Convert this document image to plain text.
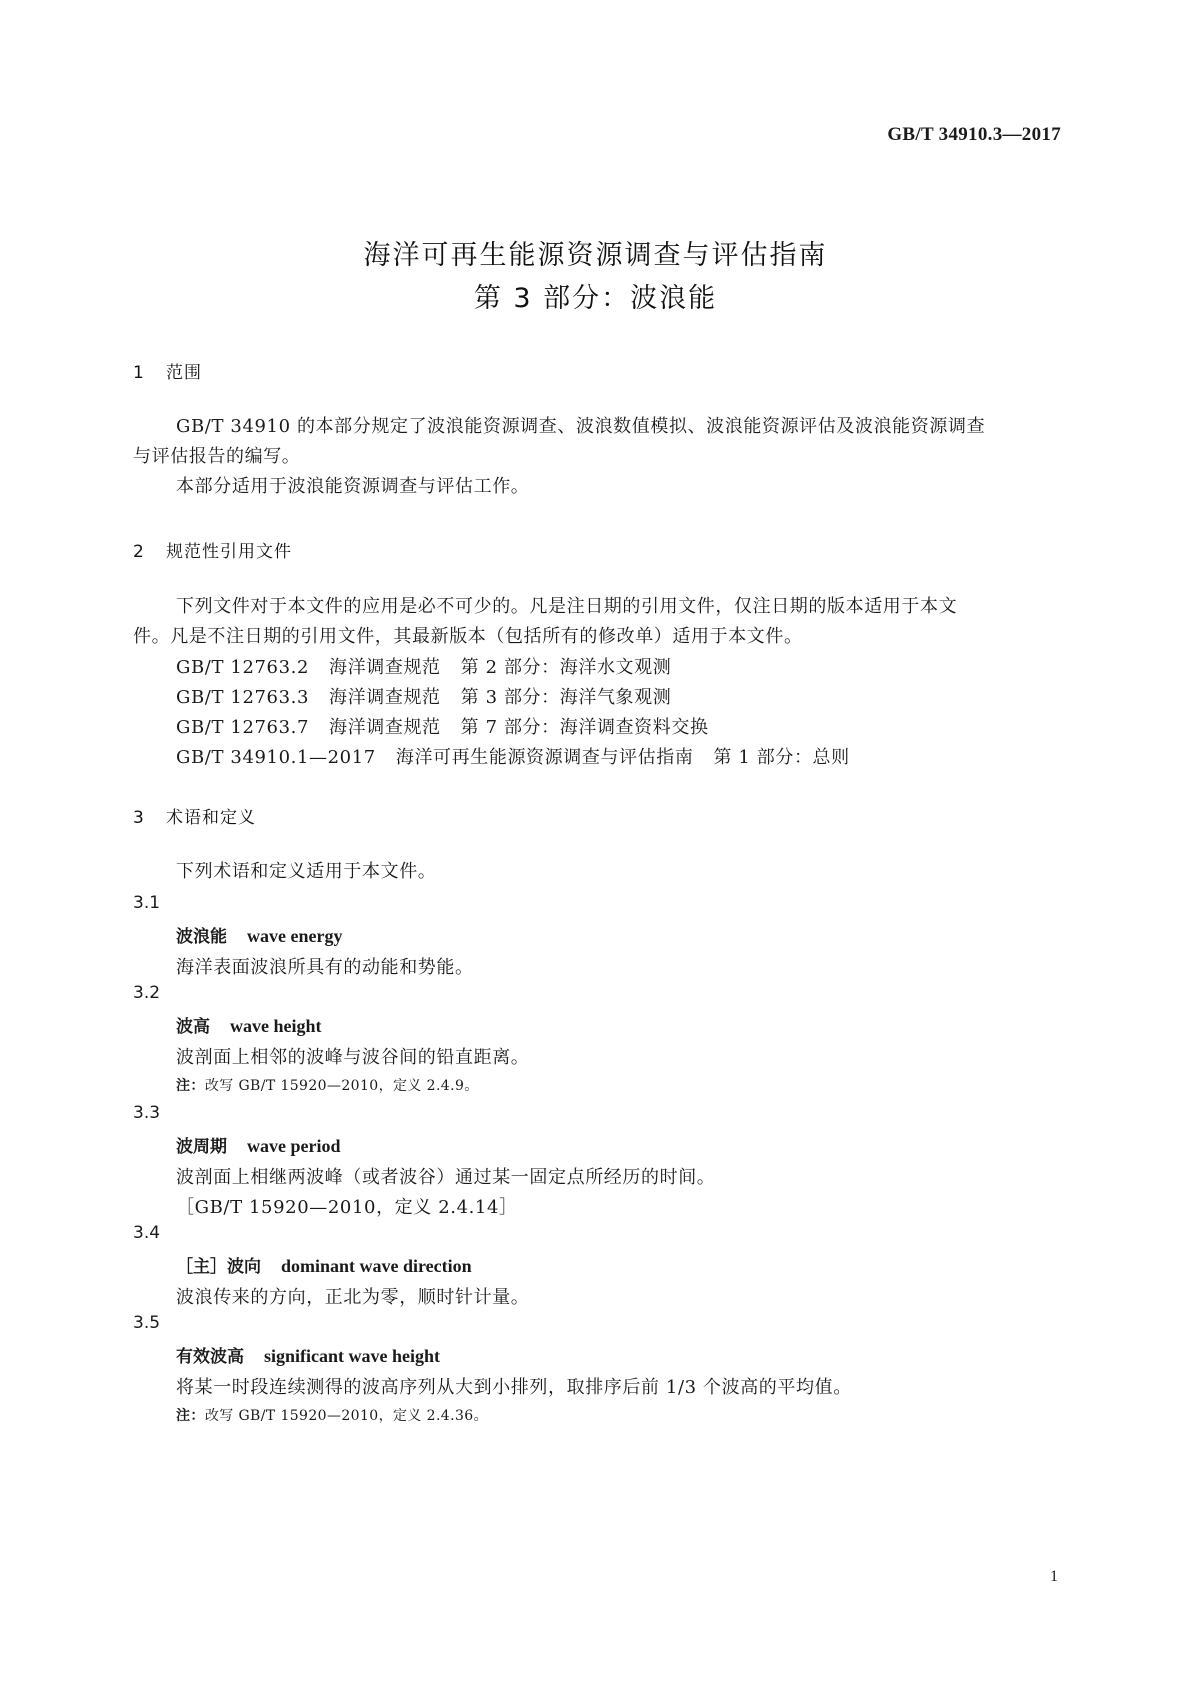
GB/T 34910.3—2017
海洋可再生能源资源调查与评估指南
第 3 部分：波浪能
1 范围
GB/T 34910 的本部分规定了波浪能资源调查、波浪数值模拟、波浪能资源评估及波浪能资源调查
与评估报告的编写。
本部分适用于波浪能资源调查与评估工作。
2 规范性引用文件
下列文件对于本文件的应用是必不可少的。凡是注日期的引用文件，仅注日期的版本适用于本文
件。凡是不注日期的引用文件，其最新版本（包括所有的修改单）适用于本文件。
GB/T 12763.2 海洋调查规范 第 2 部分：海洋水文观测
GB/T 12763.3 海洋调查规范 第 3 部分：海洋气象观测
GB/T 12763.7 海洋调查规范 第 7 部分：海洋调查资料交换
GB/T 34910.1—2017 海洋可再生能源资源调查与评估指南 第 1 部分：总则
3 术语和定义
下列术语和定义适用于本文件。
3.1
波浪能 wave energy
海洋表面波浪所具有的动能和势能。
3.2
波高 wave height
波剖面上相邻的波峰与波谷间的铅直距离。
注：改写 GB/T 15920—2010，定义 2.4.9。
3.3
波周期 wave period
波剖面上相继两波峰（或者波谷）通过某一固定点所经历的时间。
［GB/T 15920—2010，定义 2.4.14］
3.4
［主］波向 dominant wave direction
波浪传来的方向，正北为零，顺时针计量。
3.5
有效波高 significant wave height
将某一时段连续测得的波高序列从大到小排列，取排序后前 1/3 个波高的平均值。
注：改写 GB/T 15920—2010，定义 2.4.36。
1
